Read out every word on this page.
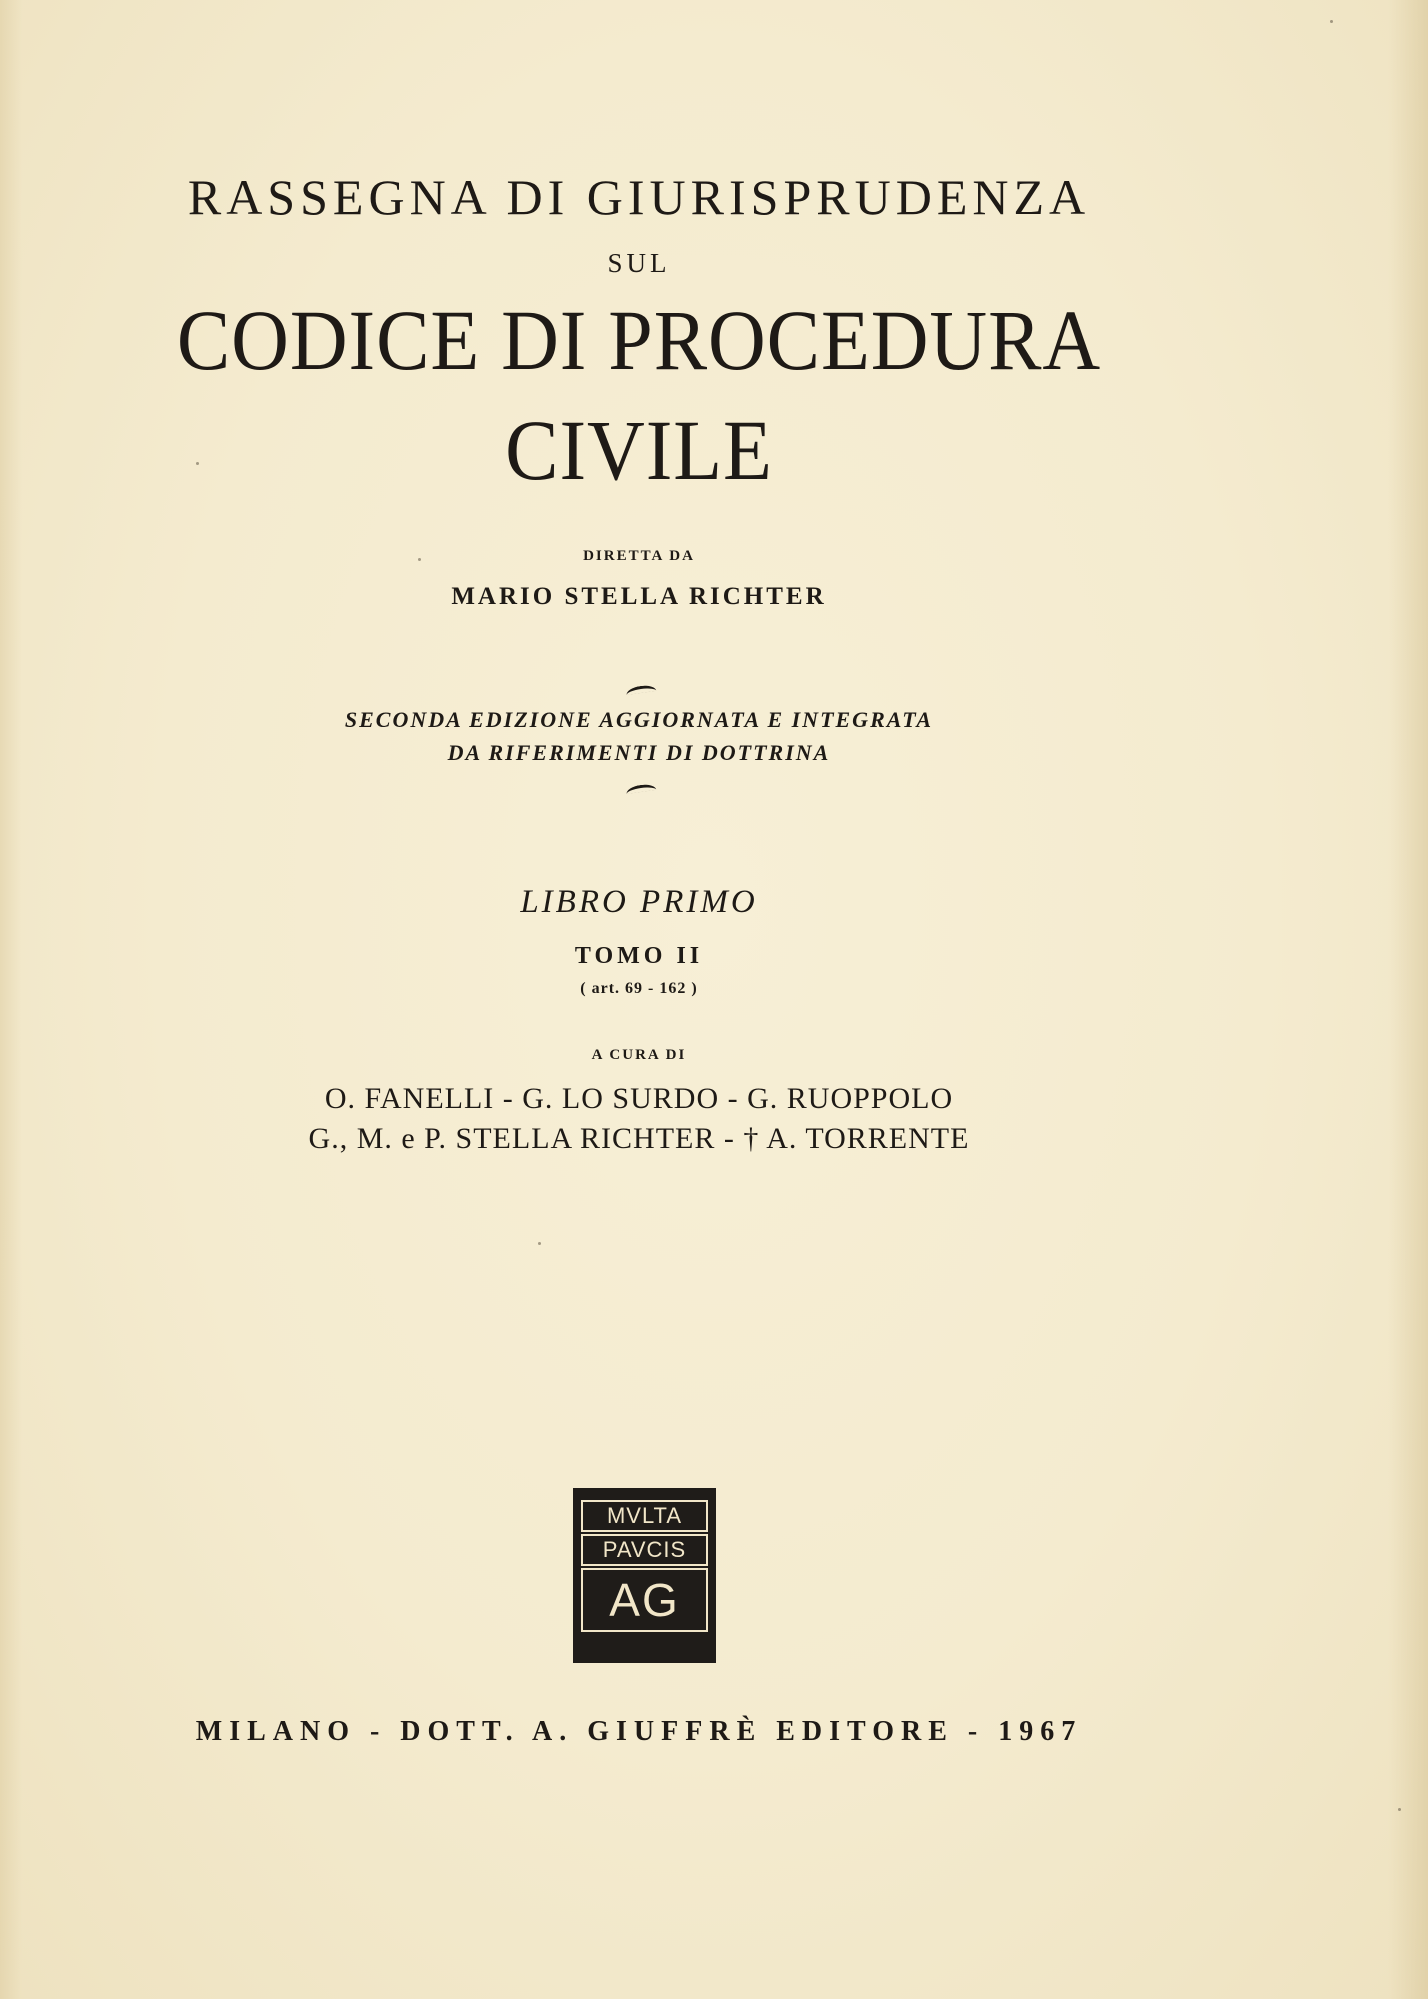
RASSEGNA DI GIURISPRUDENZA
SUL
CODICE DI PROCEDURA
CIVILE
DIRETTA DA
MARIO STELLA RICHTER
SECONDA EDIZIONE AGGIORNATA E INTEGRATA
DA RIFERIMENTI DI DOTTRINA
LIBRO PRIMO
TOMO II
( art. 69 - 162 )
A CURA DI
O. FANELLI - G. LO SURDO - G. RUOPPOLO
G., M. e P. STELLA RICHTER - † A. TORRENTE
MVLTA
PAVCIS
AG
MILANO - DOTT. A. GIUFFRÈ EDITORE - 1967
